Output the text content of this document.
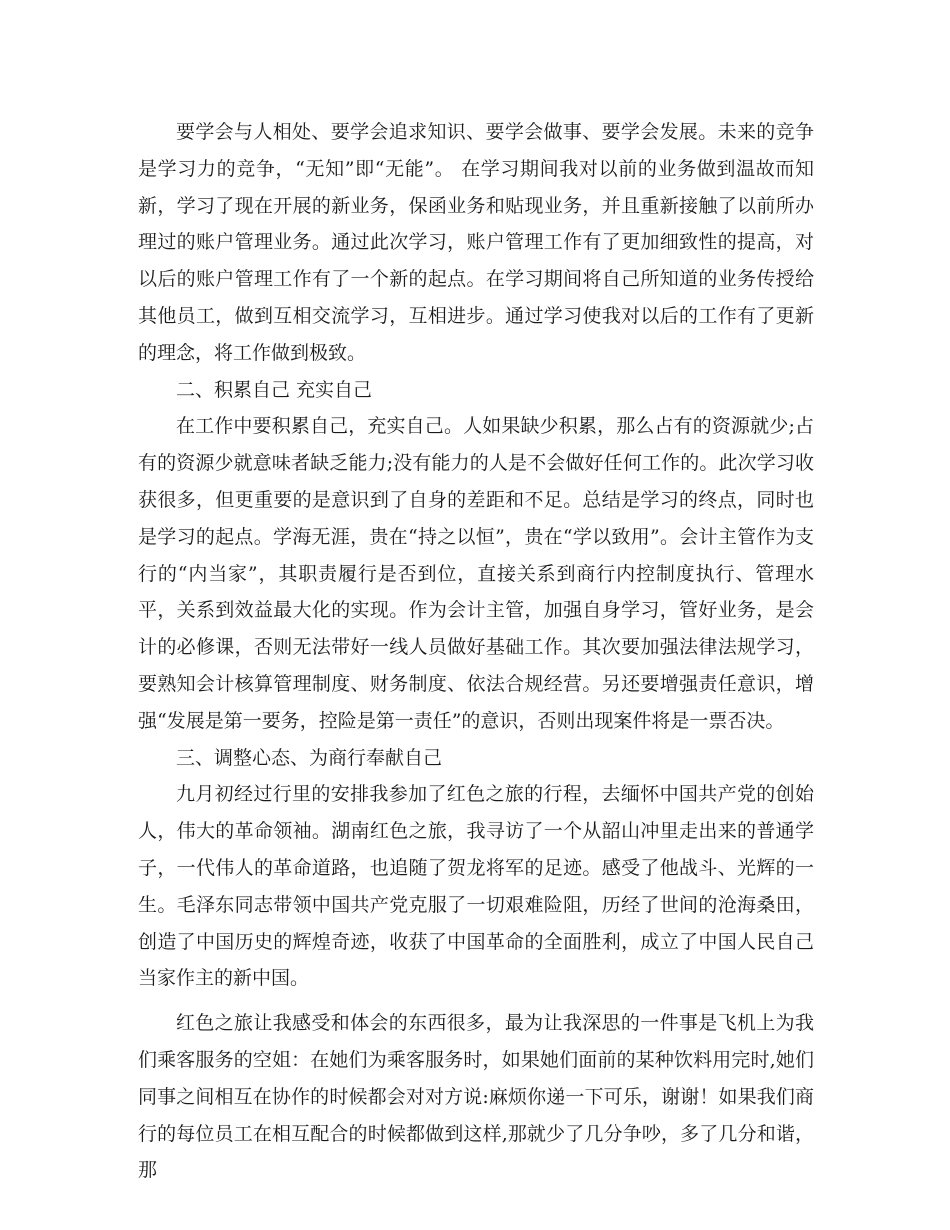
要学会与人相处、要学会追求知识、要学会做事、要学会发展。未来的竞争是学习力的竞争，“无知”即“无能”。 在学习期间我对以前的业务做到温故而知新，学习了现在开展的新业务，保函业务和贴现业务，并且重新接触了以前所办理过的账户管理业务。通过此次学习，账户管理工作有了更加细致性的提高，对以后的账户管理工作有了一个新的起点。在学习期间将自己所知道的业务传授给其他员工，做到互相交流学习，互相进步。通过学习使我对以后的工作有了更新的理念，将工作做到极致。

二、积累自己 充实自己

在工作中要积累自己，充实自己。人如果缺少积累，那么占有的资源就少;占有的资源少就意味者缺乏能力;没有能力的人是不会做好任何工作的。此次学习收获很多，但更重要的是意识到了自身的差距和不足。总结是学习的终点，同时也是学习的起点。学海无涯，贵在“持之以恒”，贵在“学以致用”。会计主管作为支行的“内当家”，其职责履行是否到位，直接关系到商行内控制度执行、管理水平，关系到效益最大化的实现。作为会计主管，加强自身学习，管好业务，是会计的必修课，否则无法带好一线人员做好基础工作。其次要加强法律法规学习，要熟知会计核算管理制度、财务制度、依法合规经营。另还要增强责任意识，增强“发展是第一要务，控险是第一责任”的意识，否则出现案件将是一票否决。

三、调整心态、为商行奉献自己

九月初经过行里的安排我参加了红色之旅的行程，去缅怀中国共产党的创始人，伟大的革命领袖。湖南红色之旅，我寻访了一个从韶山冲里走出来的普通学子，一代伟人的革命道路，也追随了贺龙将军的足迹。感受了他战斗、光辉的一生。毛泽东同志带领中国共产党克服了一切艰难险阻，历经了世间的沧海桑田，创造了中国历史的辉煌奇迹，收获了中国革命的全面胜利，成立了中国人民自己当家作主的新中国。

红色之旅让我感受和体会的东西很多，最为让我深思的一件事是飞机上为我们乘客服务的空姐：在她们为乘客服务时，如果她们面前的某种饮料用完时,她们同事之间相互在协作的时候都会对对方说:麻烦你递一下可乐，谢谢！如果我们商行的每位员工在相互配合的时候都做到这样,那就少了几分争吵，多了几分和谐，那
